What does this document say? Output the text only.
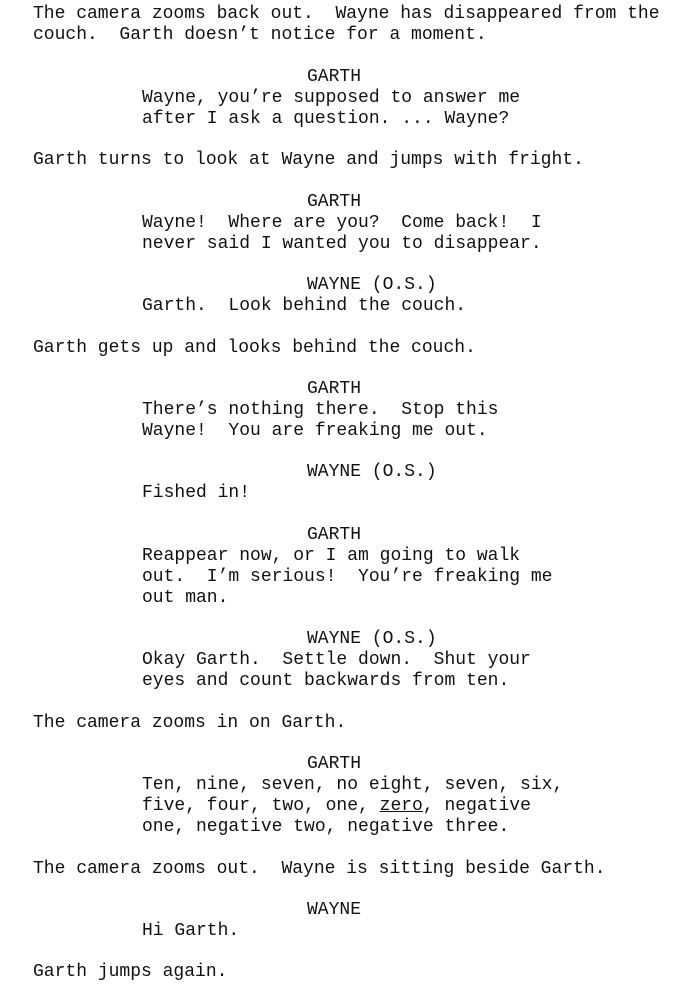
The camera zooms back out.  Wayne has disappeared from the
couch.  Garth doesn’t notice for a moment.
GARTH
Wayne, you’re supposed to answer me
after I ask a question. ... Wayne?
Garth turns to look at Wayne and jumps with fright.
GARTH
Wayne!  Where are you?  Come back!  I
never said I wanted you to disappear.
WAYNE (O.S.)
Garth.  Look behind the couch.
Garth gets up and looks behind the couch.
GARTH
There’s nothing there.  Stop this
Wayne!  You are freaking me out.
WAYNE (O.S.)
Fished in!
GARTH
Reappear now, or I am going to walk
out.  I’m serious!  You’re freaking me
out man.
WAYNE (O.S.)
Okay Garth.  Settle down.  Shut your
eyes and count backwards from ten.
The camera zooms in on Garth.
GARTH
Ten, nine, seven, no eight, seven, six,
five, four, two, one, zero, negative
one, negative two, negative three.
The camera zooms out.  Wayne is sitting beside Garth.
WAYNE
Hi Garth.
Garth jumps again.
